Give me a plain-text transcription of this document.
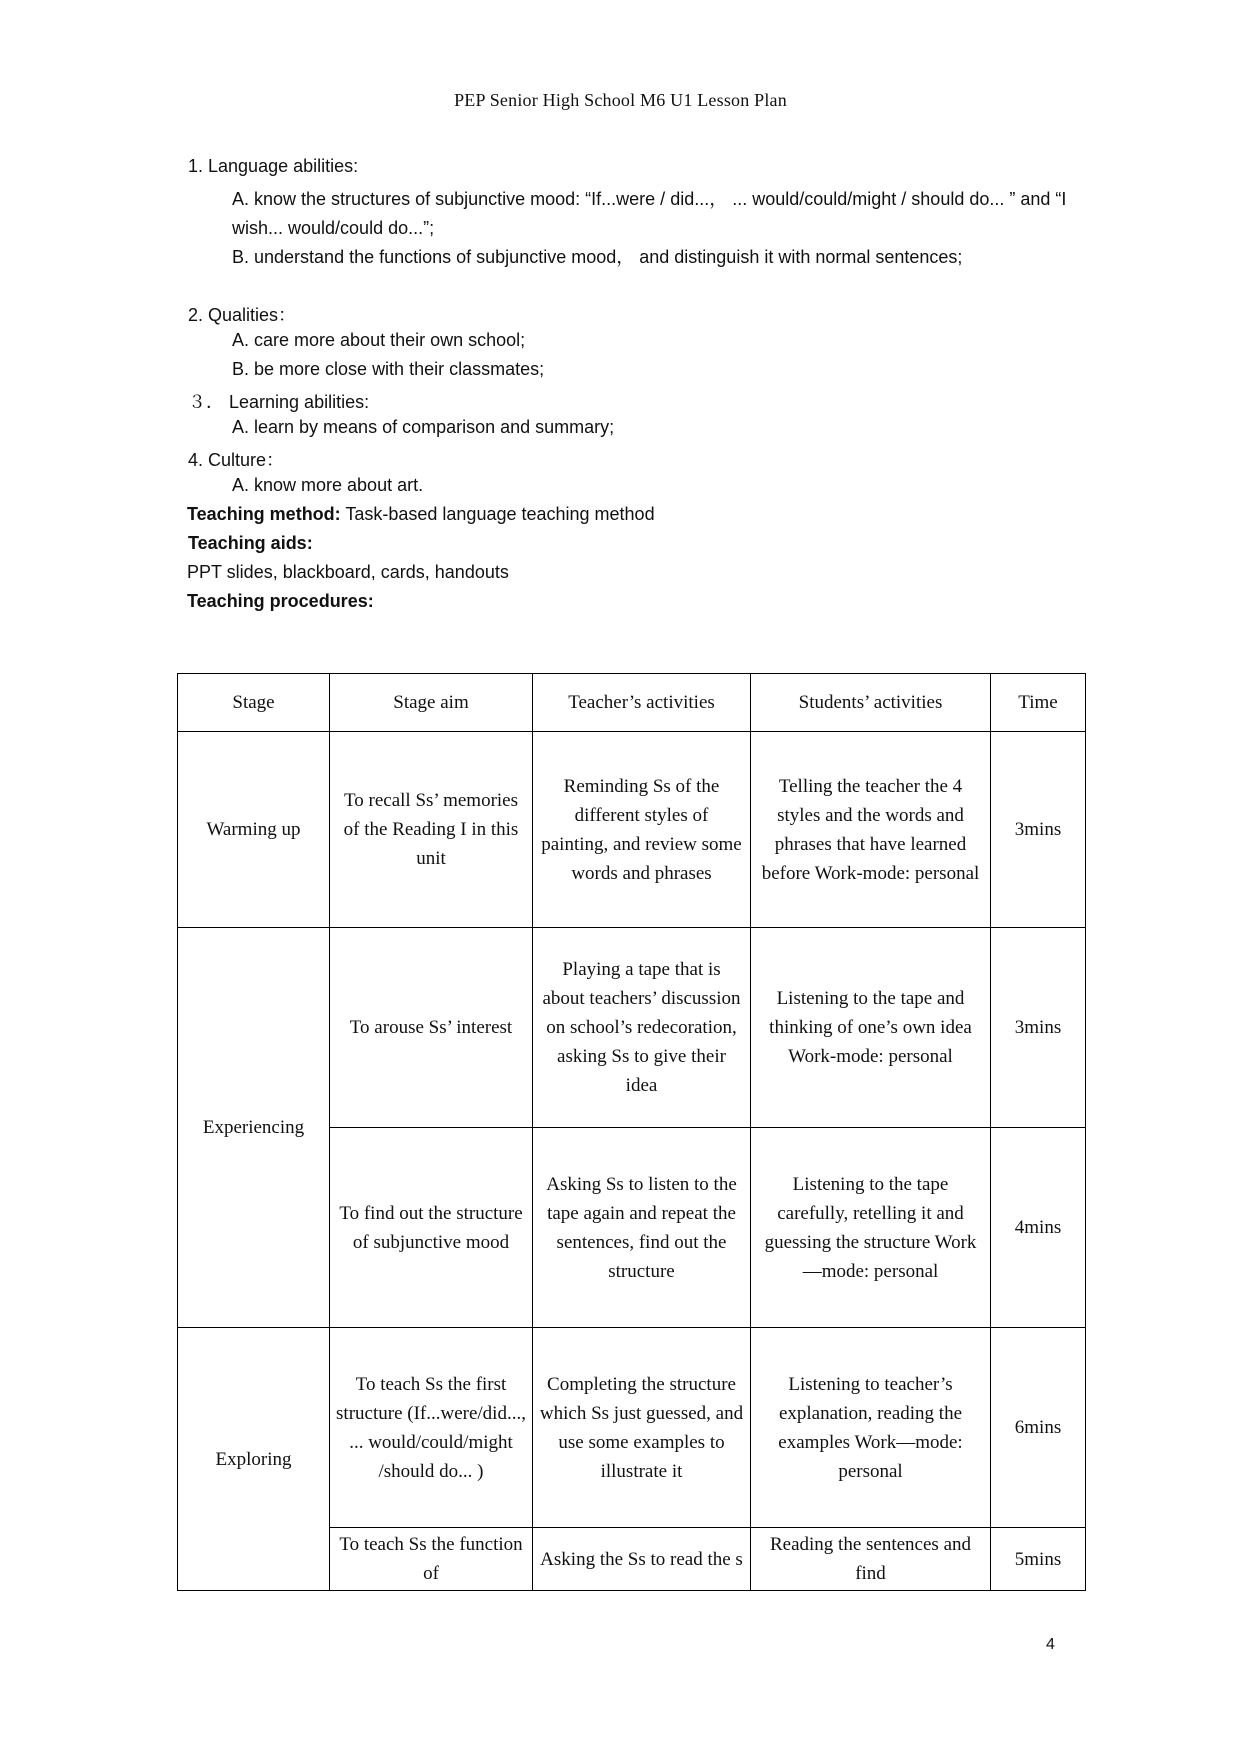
PEP Senior High School M6 U1 Lesson Plan
1. Language abilities:
A. know the structures of subjunctive mood: “If...were / did...， ... would/could/might / should do... ” and “I wish... would/could do...”;
B. understand the functions of subjunctive mood， and distinguish it with normal sentences;
2. Qualities：
A. care more about their own school;
B. be more close with their classmates;
３． Learning abilities:
A. learn by means of comparison and summary;
4. Culture：
A. know more about art.
Teaching method: Task-based language teaching method
Teaching aids:
PPT slides, blackboard, cards, handouts
Teaching procedures:
Stage	Stage aim	Teacher’s activities	Students’ activities	Time
Warming up	To recall Ss’ memories of the Reading I in this unit	Reminding Ss of the different styles of painting, and review some words and phrases	Telling the teacher the 4 styles and the words and phrases that have learned before Work-mode: personal	3mins
Experiencing	To arouse Ss’ interest	Playing a tape that is about teachers’ discussion on school’s redecoration, asking Ss to give their idea	Listening to the tape and thinking of one’s own idea Work-mode: personal	3mins
	To find out the structure of subjunctive mood	Asking Ss to listen to the tape again and repeat the sentences, find out the structure	Listening to the tape carefully, retelling it and guessing the structure Work—mode: personal	4mins
Exploring	To teach Ss the first structure (If...were/did..., ... would/could/might /should do... )	Completing the structure which Ss just guessed, and use some examples to illustrate it	Listening to teacher’s explanation, reading the examples Work—mode: personal	6mins
	To teach Ss the function of	Asking the Ss to read the s	Reading the sentences and find	5mins
4
